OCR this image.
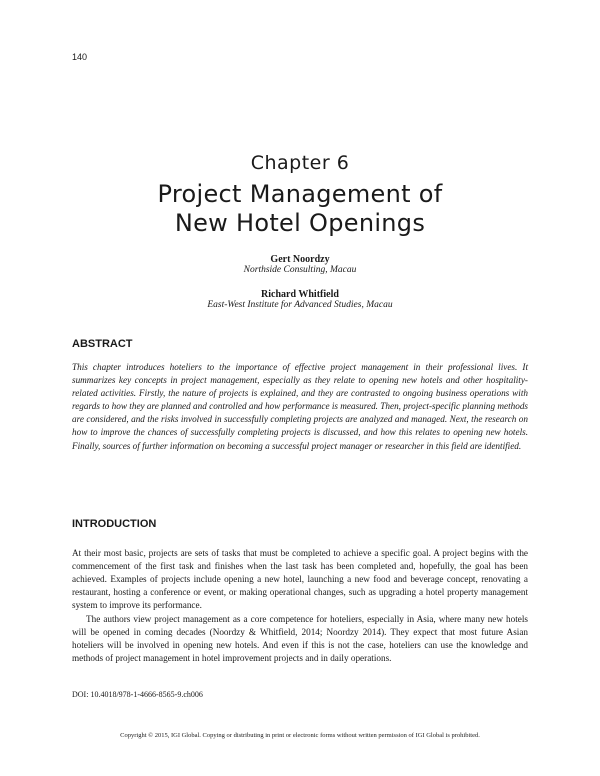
140
Chapter 6
Project Management of
New Hotel Openings
Gert Noordzy
Northside Consulting, Macau
Richard Whitfield
East-West Institute for Advanced Studies, Macau
ABSTRACT

This chapter introduces hoteliers to the importance of effective project management in their professional lives. It summarizes key concepts in project management, especially as they relate to opening new hotels and other hospitality-related activities. Firstly, the nature of projects is explained, and they are contrasted to ongoing business operations with regards to how they are planned and controlled and how performance is measured. Then, project-specific planning methods are considered, and the risks involved in successfully completing projects are analyzed and managed. Next, the research on how to improve the chances of successfully completing projects is discussed, and how this relates to opening new hotels. Finally, sources of further information on becoming a successful project manager or researcher in this field are identified.

INTRODUCTION

At their most basic, projects are sets of tasks that must be completed to achieve a specific goal. A project begins with the commencement of the first task and finishes when the last task has been completed and, hopefully, the goal has been achieved. Examples of projects include opening a new hotel, launching a new food and beverage concept, renovating a restaurant, hosting a conference or event, or making operational changes, such as upgrading a hotel property management system to improve its performance.

The authors view project management as a core competence for hoteliers, especially in Asia, where many new hotels will be opened in coming decades (Noordzy & Whitfield, 2014; Noordzy 2014). They expect that most future Asian hoteliers will be involved in opening new hotels. And even if this is not the case, hoteliers can use the knowledge and methods of project management in hotel improvement projects and in daily operations.

DOI: 10.4018/978-1-4666-8565-9.ch006
Copyright © 2015, IGI Global. Copying or distributing in print or electronic forms without written permission of IGI Global is prohibited.
